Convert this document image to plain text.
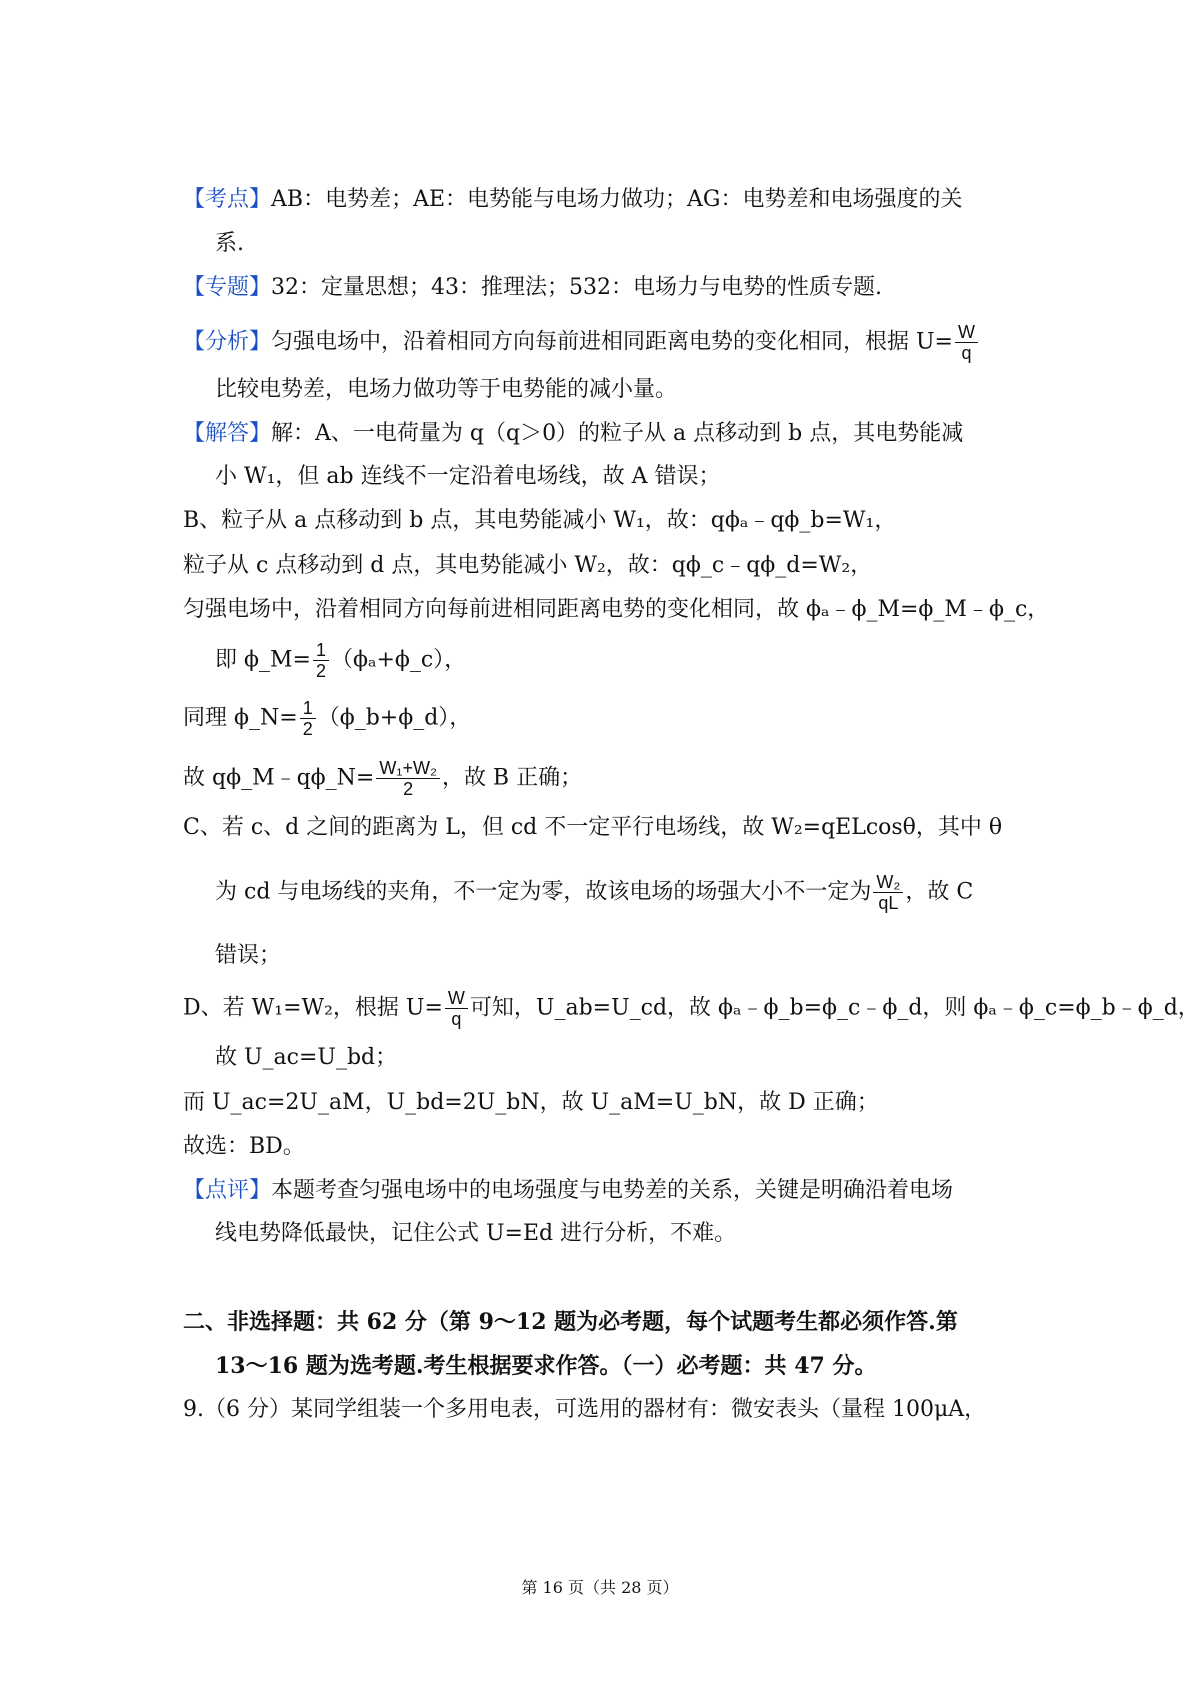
【考点】AB：电势差；AE：电势能与电场力做功；AG：电势差和电场强度的关
系.
【专题】32：定量思想；43：推理法；532：电场力与电势的性质专题.
【分析】匀强电场中，沿着相同方向每前进相同距离电势的变化相同，根据 $U= \frac{W}{q}$
比较电势差，电场力做功等于电势能的减小量。
【解答】解：A、一电荷量为 q（q＞0）的粒子从 a 点移动到 b 点，其电势能减
小 W₁，但 ab 连线不一定沿着电场线，故 A 错误；
B、粒子从 a 点移动到 b 点，其电势能减小 W₁，故：qϕₐ﹣qϕ_b=W₁，
粒子从 c 点移动到 d 点，其电势能减小 W₂，故：qϕ_c﹣qϕ_d=W₂，
匀强电场中，沿着相同方向每前进相同距离电势的变化相同，故 ϕₐ﹣ϕ_M=ϕ_M﹣ϕ_c，
即 ϕ_M= $\frac{1}{2}$ （ϕₐ+ϕ_c），
同理 ϕ_N= $\frac{1}{2}$ （ϕ_b+ϕ_d），
故 qϕ_M﹣qϕ_N= $\frac{\text{W₁+W₂}}{2}$ ，故 B 正确；
C、若 c、d 之间的距离为 L，但 cd 不一定平行电场线，故 W₂=qELcosθ，其中 θ
为 cd 与电场线的夹角，不一定为零，故该电场的场强大小不一定为 $\frac{\text{W₂}}{qL}$ ，故 C
错误；
D、若 W₁=W₂，根据 $U= \frac{W}{q}$ 可知，U_ab=U_cd，故 ϕₐ﹣ϕ_b=ϕ_c﹣ϕ_d，则 ϕₐ﹣ϕ_c=ϕ_b﹣ϕ_d，
故 U_ac=U_bd；
而 U_ac=2U_aM，U_bd=2U_bN，故 U_aM=U_bN，故 D 正确；
故选：BD。
【点评】本题考查匀强电场中的电场强度与电势差的关系，关键是明确沿着电场
线电势降低最快，记住公式 U=Ed 进行分析，不难。
二、非选择题：共 62 分（第 9～12 题为必考题，每个试题考生都必须作答.第
13～16 题为选考题.考生根据要求作答。（一）必考题：共 47 分。
9.（6 分）某同学组装一个多用电表，可选用的器材有：微安表头（量程 100μA，
第 16 页（共 28 页）
